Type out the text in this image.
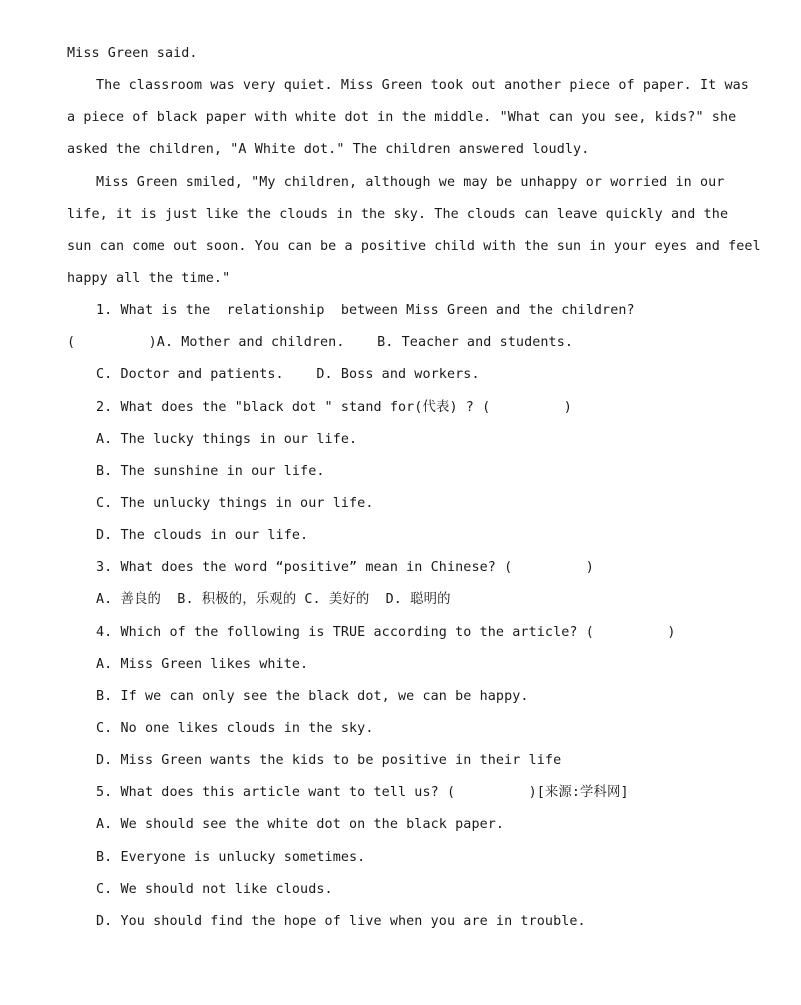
Miss Green said.
The classroom was very quiet. Miss Green took out another piece of paper. It was
a piece of black paper with white dot in the middle. "What can you see, kids?" she
asked the children, "A White dot." The children answered loudly.
Miss Green smiled, "My children, although we may be unhappy or worried in our
life, it is just like the clouds in the sky. The clouds can leave quickly and the
sun can come out soon. You can be a positive child with the sun in your eyes and feel
happy all the time."
1. What is the  relationship  between Miss Green and the children?
(         )A. Mother and children.    B. Teacher and students.
C. Doctor and patients.    D. Boss and workers.
2. What does the "black dot " stand for(代表) ? (         )
A. The lucky things in our life.
B. The sunshine in our life.
C. The unlucky things in our life.
D. The clouds in our life.
3. What does the word “positive” mean in Chinese? (         )
A. 善良的  B. 积极的，乐观的 C. 美好的  D. 聪明的
4. Which of the following is TRUE according to the article? (         )
A. Miss Green likes white.
B. If we can only see the black dot, we can be happy.
C. No one likes clouds in the sky.
D. Miss Green wants the kids to be positive in their life
5. What does this article want to tell us? (         )[来源:学科网]
A. We should see the white dot on the black paper.
B. Everyone is unlucky sometimes.
C. We should not like clouds.
D. You should find the hope of live when you are in trouble.
